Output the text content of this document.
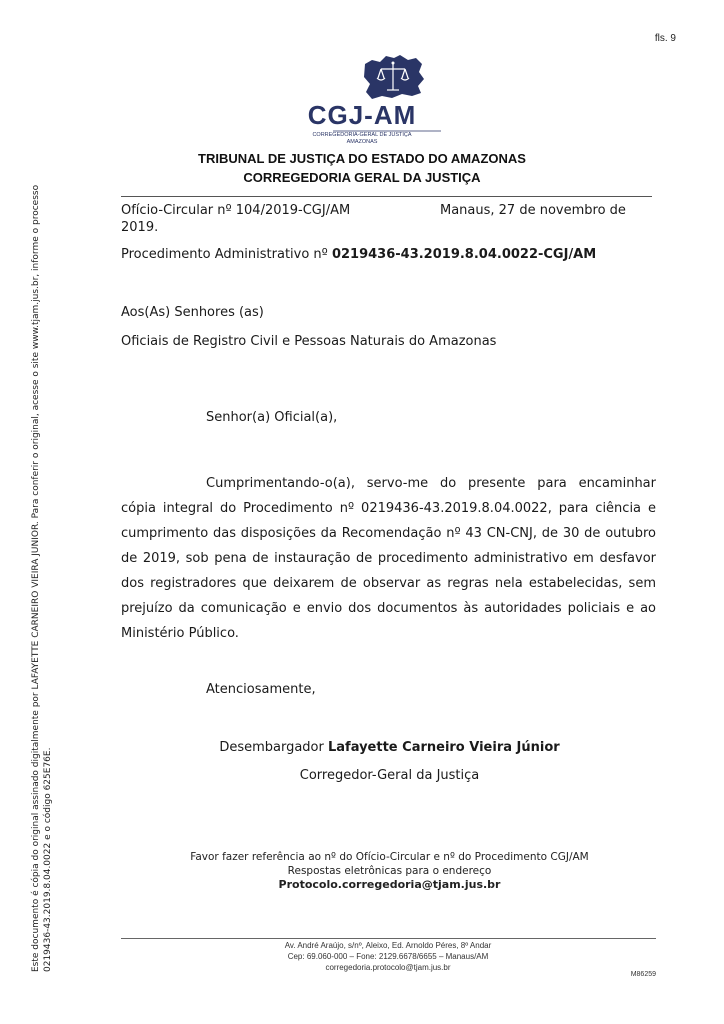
fls. 9
CGJ-AM
CORREGEDORIA-GERAL DE JUSTIÇA
AMAZONAS
TRIBUNAL DE JUSTIÇA DO ESTADO DO AMAZONAS
CORREGEDORIA GERAL DA JUSTIÇA
Ofício-Circular nº 104/2019-CGJ/AM	Manaus, 27 de novembro de
2019.
Procedimento Administrativo nº 0219436-43.2019.8.04.0022-CGJ/AM
Aos(As) Senhores (as)
Oficiais de Registro Civil e Pessoas Naturais do Amazonas
Senhor(a) Oficial(a),
Cumprimentando-o(a), servo-me do presente para encaminhar cópia integral do Procedimento nº 0219436-43.2019.8.04.0022, para ciência e cumprimento das disposições da Recomendação nº 43 CN-CNJ, de 30 de outubro de 2019, sob pena de instauração de procedimento administrativo em desfavor dos registradores que deixarem de observar as regras nela estabelecidas, sem prejuízo da comunicação e envio dos documentos às autoridades policiais e ao Ministério Público.
Atenciosamente,
Desembargador Lafayette Carneiro Vieira Júnior
Corregedor-Geral da Justiça
Favor fazer referência ao nº do Ofício-Circular e nº do Procedimento CGJ/AM
Respostas eletrônicas para o endereço
Protocolo.corregedoria@tjam.jus.br
Av. André Araújo, s/nº, Aleixo, Ed. Arnoldo Péres, 8º Andar
Cep: 69.060-000 – Fone: 2129.6678/6655 – Manaus/AM
corregedoria.protocolo@tjam.jus.br
M86259
Este documento é cópia do original assinado digitalmente por LAFAYETTE CARNEIRO VIEIRA JUNIOR. Para conferir o original, acesse o site www.tjam.jus.br, informe o processo 0219436-43.2019.8.04.0022 e o código 625E76E.
